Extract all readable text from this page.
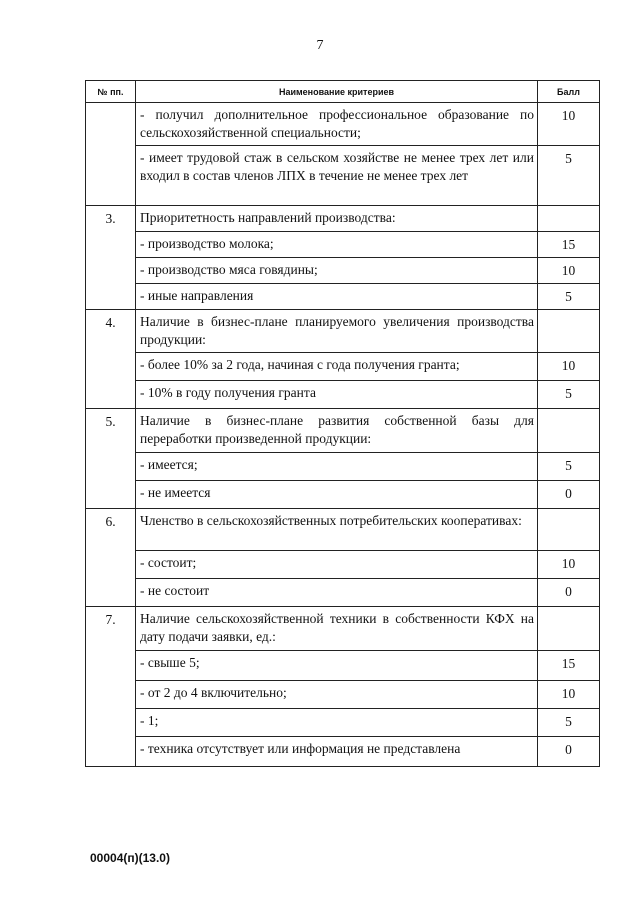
7
№ пп.	Наименование критериев	Балл
	- получил дополнительное профессиональное образование по сельскохозяйственной специальности;	10
	- имеет трудовой стаж в сельском хозяйстве не менее трех лет или входил в состав членов ЛПХ в течение не менее трех лет	5
3.	Приоритетность направлений производства:	
	- производство молока;	15
	- производство мяса говядины;	10
	- иные направления	5
4.	Наличие в бизнес-плане планируемого увеличения производства продукции:	
	- более 10% за 2 года, начиная с года получения гранта;	10
	- 10% в году получения гранта	5
5.	Наличие в бизнес-плане развития собственной базы для переработки произведенной продукции:	
	- имеется;	5
	- не имеется	0
6.	Членство в сельскохозяйственных потребительских кооперативах:	
	- состоит;	10
	- не состоит	0
7.	Наличие сельскохозяйственной техники в собственности КФХ на дату подачи заявки, ед.:	
	- свыше 5;	15
	- от 2 до 4 включительно;	10
	- 1;	5
	- техника отсутствует или информация не представлена	0
00004(п)(13.0)
